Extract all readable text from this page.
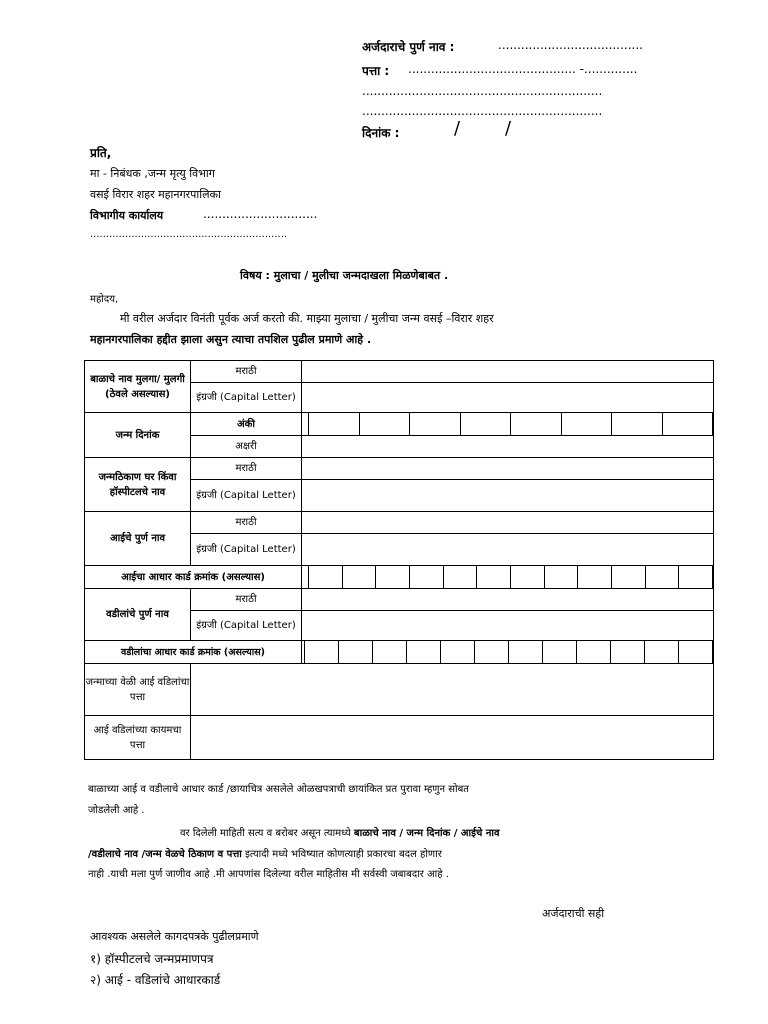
अर्जदाराचे पुर्ण नाव :	......................................
पत्ता : ............................................ -..............
...............................................................
...............................................................
दिनांक :	/ /
प्रति,
मा - निबंधक ,जन्म मृत्यु विभाग
वसई विरार शहर महानगरपालिका
विभागीय कार्यालय	..............................
..............................................................
विषय : मुलाचा / मुलीचा जन्मदाखला मिळणेबाबत .
महोदय,
मी वरील अर्जदार विनंती पूर्वक अर्ज करतो की. माझ्या मुलाचा / मुलीचा जन्म वसई –विरार शहर
महानगरपालिका हद्दीत झाला असुन त्याचा तपशिल पुढील प्रमाणे आहे .
बाळाचे नाव मुलगा/ मुलगी (ठेवले असल्यास)	मराठी	
	इंग्रजी (Capital Letter)	
जन्म दिनांक	अंकी	

	अक्षरी	
जन्मठिकाण घर किंवा हॉस्पीटलचे नाव	मराठी	
	इंग्रजी (Capital Letter)	
आईचे पुर्ण नाव	मराठी	
	इंग्रजी (Capital Letter)	
आईचा आधार कार्ड क्रमांक (असल्यास)		

वडीलांचे पुर्ण नाव	मराठी	
	इंग्रजी (Capital Letter)	
वडीलांचा आधार कार्ड क्रमांक (असल्यास)		

जन्माच्या वेळी आई वडिलांचा पत्ता		
आई वडिलांच्या कायमचा पत्ता		
बाळाच्या आई व वडीलाचे आधार कार्ड /छायाचित्र असलेले ओळखपत्राची छायांकित प्रत पुरावा म्हणुन सोबत
जोडलेली आहे .
वर दिलेली माहिती सत्य व बरोबर असून त्यामध्ये बाळाचे नाव / जन्म दिनांक / आईचे नाव
/वडीलाचे नाव /जन्म वेळचे ठिकाण व पत्ता इत्यादी मध्ये भविष्यात कोणत्याही प्रकारचा बदल होणार
नाही .याची मला पुर्ण जाणीव आहे .मी आपणांस दिलेल्या वरील माहितीस मी सर्वस्वी जबाबदार आहे .
अर्जदाराची सही
आवश्यक असलेले कागदपत्रके पुढीलप्रमाणे
१) हॉस्पीटलचे जन्मप्रमाणपत्र
२) आई - वडिलांचे आधारकार्ड
